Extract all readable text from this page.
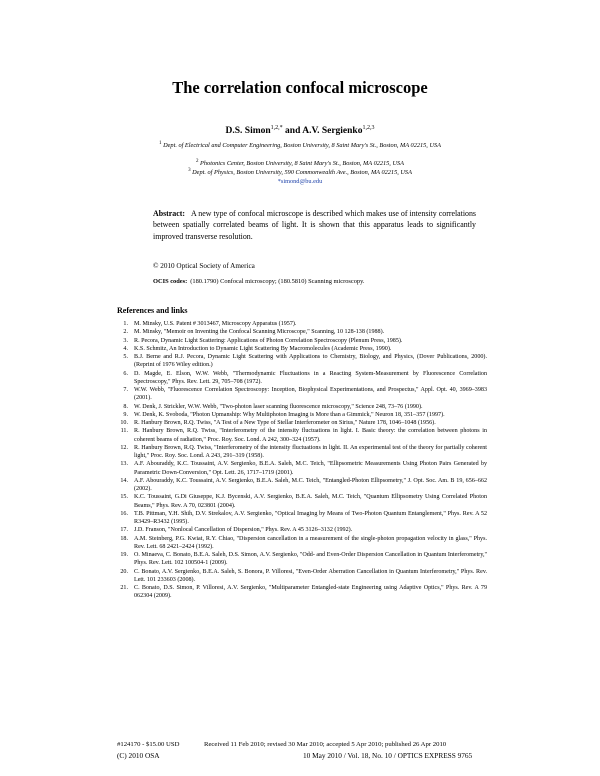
The correlation confocal microscope
D.S. Simon$^{1,2,*}$ and A.V. Sergienko$^{1,2,3}$
$^1$ Dept. of Electrical and Computer Engineering, Boston University, 8 Saint Mary's St., Boston, MA 02215, USA
$^2$ Photonics Center, Boston University, 8 Saint Mary's St., Boston, MA 02215, USA
$^3$ Dept. of Physics, Boston University, 590 Commonwealth Ave., Boston, MA 02215, USA
*simond@bu.edu
Abstract: A new type of confocal microscope is described which makes use of intensity correlations between spatially correlated beams of light. It is shown that this apparatus leads to significantly improved transverse resolution.
© 2010 Optical Society of America
OCIS codes: (180.1790) Confocal microscopy; (180.5810) Scanning microscopy.
References and links
1. M. Minsky, U.S. Patent # 3013467, Microscopy Apparatus (1957).
2. M. Minsky, "Memoir on Inventing the Confocal Scanning Microscope," Scanning, 10 128-138 (1988).
3. R. Pecora, Dynamic Light Scattering: Applications of Photon Correlation Spectroscopy (Plenum Press, 1985).
4. K.S. Schmitz, An Introduction to Dynamic Light Scattering By Macromolecules (Academic Press, 1990).
5. B.J. Berne and R.J. Pecora, Dynamic Light Scattering with Applications to Chemistry, Biology, and Physics, (Dover Publications, 2000). (Reprint of 1976 Wiley edition.)
6. D. Magde, E. Elson, W.W. Webb, "Thermodynamic Fluctuations in a Reacting System-Measurement by Fluorescence Correlation Spectroscopy," Phys. Rev. Lett. 29, 705–708 (1972).
7. W.W. Webb, "Fluorescence Correlation Spectroscopy: Inception, Biophysical Experimentations, and Prospectus," Appl. Opt. 40, 3969–3983 (2001).
8. W. Denk, J. Strickler, W.W. Webb, "Two-photon laser scanning fluorescence microscopy," Science 248, 73–76 (1990).
9. W. Denk, K. Svoboda, "Photon Upmanship: Why Multiphoton Imaging is More than a Gimmick," Neuron 18, 351–357 (1997).
10. R. Hanbury Brown, R.Q. Twiss, "A Test of a New Type of Stellar Interferometer on Sirius," Nature 178, 1046–1048 (1956).
11. R. Hanbury Brown, R.Q. Twiss, "Interferometry of the intensity fluctuations in light. I. Basic theory: the correlation between photons in coherent beams of radiation," Proc. Roy. Soc. Lond. A 242, 300–324 (1957).
12. R. Hanbury Brown, R.Q. Twiss, "Interferometry of the intensity fluctuations in light. II. An experimental test of the theory for partially coherent light," Proc. Roy. Soc. Lond. A 243, 291–319 (1958).
13. A.F. Abouraddy, K.C. Toussaint, A.V. Sergienko, B.E.A. Saleh, M.C. Teich, "Ellipsometric Measurements Using Photon Pairs Generated by Parametric Down-Conversion," Opt. Lett. 26, 1717–1719 (2001).
14. A.F. Abouraddy, K.C. Toussaint, A.V. Sergienko, B.E.A. Saleh, M.C. Teich, "Entangled-Photon Ellipsometry," J. Opt. Soc. Am. B 19, 656–662 (2002).
15. K.C. Toussaint, G.Di Giuseppe, K.J. Bycenski, A.V. Sergienko, B.E.A. Saleh, M.C. Teich, "Quantum Ellipsometry Using Correlated Photon Beams," Phys. Rev. A 70, 023801 (2004).
16. T.B. Pittman, Y.H. Shih, D.V. Strekalov, A.V. Sergienko, "Optical Imaging by Means of Two-Photon Quantum Entanglement," Phys. Rev. A 52 R3429–R3432 (1995).
17. J.D. Franson, "Nonlocal Cancellation of Dispersion," Phys. Rev. A 45 3126–3132 (1992).
18. A.M. Steinberg, P.G. Kwiat, R.Y. Chiao, "Dispersion cancellation in a measurement of the single-photon propagation velocity in glass," Phys. Rev. Lett. 68 2421–2424 (1992).
19. O. Minaeva, C. Bonato, B.E.A. Saleh, D.S. Simon, A.V. Sergienko, "Odd- and Even-Order Dispersion Cancellation in Quantum Interferometry," Phys. Rev. Lett. 102 100504-1 (2009).
20. C. Bonato, A.V. Sergienko, B.E.A. Saleh, S. Bonora, P. Villoresi, "Even-Order Aberration Cancellation in Quantum Interferometry," Phys. Rev. Lett. 101 233603 (2008).
21. C. Bonato, D.S. Simon, P. Villoresi, A.V. Sergienko, "Multiparameter Entangled-state Engineering using Adaptive Optics," Phys. Rev. A 79 062304 (2009).
#124170 - $15.00 USD	Received 11 Feb 2010; revised 30 Mar 2010; accepted 5 Apr 2010; published 26 Apr 2010
(C) 2010 OSA	10 May 2010 / Vol. 18, No. 10 / OPTICS EXPRESS 9765
